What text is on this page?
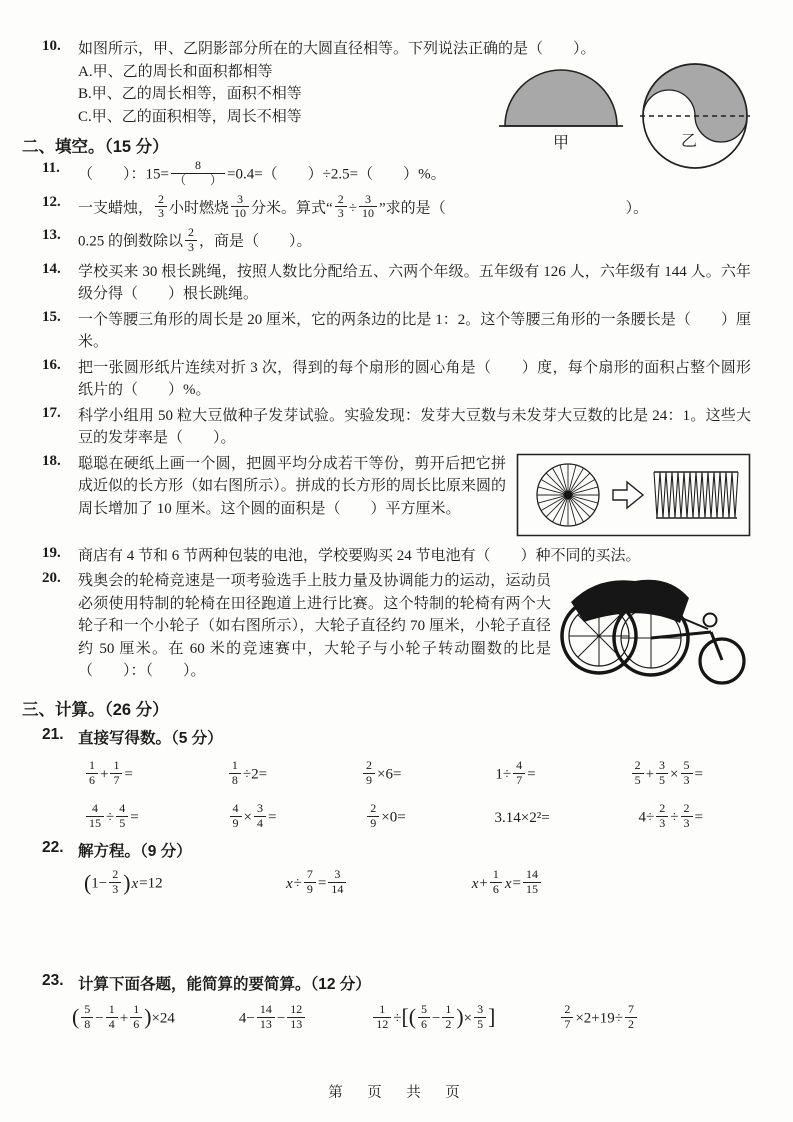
10.	如图所示，甲、乙阴影部分所在的大圆直径相等。下列说法正确的是（　　）。
A.甲、乙的周长和面积都相等
B.甲、乙的周长相等，面积不相等
C.甲、乙的面积相等，周长不相等
二、填空。（15 分）
11.	（　　）：$15= \frac{8}{( )} =0.4=$（　　）÷2.5=（　　）%。
12.	一支蜡烛， $\frac{2}{3}$ 小时燃烧 $\frac{3}{10}$ 分米。算式“ $\frac{2}{3} \div \frac{3}{10}$ ”求的是（　　　　　　　　　　　　）。
13.	0.25 的倒数除以 $\frac{2}{3}$ ，商是（　　）。
14.	学校买来 30 根长跳绳，按照人数比分配给五、六两个年级。五年级有 126 人，六年级有 144 人。六年级分得（　　）根长跳绳。
15.	一个等腰三角形的周长是 20 厘米，它的两条边的比是 1：2。这个等腰三角形的一条腰长是（　　）厘米。
16.	把一张圆形纸片连续对折 3 次，得到的每个扇形的圆心角是（　　）度，每个扇形的面积占整个圆形纸片的（　　）%。
17.	科学小组用 50 粒大豆做种子发芽试验。实验发现：发芽大豆数与未发芽大豆数的比是 24：1。这些大豆的发芽率是（　　）。
18.	聪聪在硬纸上画一个圆，把圆平均分成若干等份，剪开后把它拼成近似的长方形（如右图所示）。拼成的长方形的周长比原来圆的周长增加了 10 厘米。这个圆的面积是（　　）平方厘米。
19.	商店有 4 节和 6 节两种包装的电池，学校要购买 24 节电池有（　　）种不同的买法。
20.	残奥会的轮椅竞速是一项考验选手上肢力量及协调能力的运动，运动员必须使用特制的轮椅在田径跑道上进行比赛。这个特制的轮椅有两个大轮子和一个小轮子（如右图所示），大轮子直径约 70 厘米，小轮子直径约 50 厘米。在 60 米的竞速赛中，大轮子与小轮子转动圈数的比是（　　）：（　　）。
三、计算。（26 分）
21. 直接写得数。（5 分）
$\frac{1}{6} + \frac{1}{7}$ =	$\frac{1}{8} \div 2=$	$\frac{2}{9} \times 6=$	$1\div \frac{4}{7}$ =	$\frac{2}{5} + \frac{3}{5} \times \frac{5}{3}$ =
$\frac{4}{15} \div \frac{4}{5}$ =	$\frac{4}{9} \times \frac{3}{4}$ =	$\frac{2}{9} \times 0=$	3.14×2²=	$4\div \frac{2}{3} \div \frac{2}{3}$ =
22. 解方程。（9 分）
$(1- \frac{2}{3} )x=12$	$x\div \frac{7}{9} = \frac{3}{14}$	$x+ \frac{1}{6} x= \frac{14}{15}$
23. 计算下面各题，能简算的要简算。（12 分）
( $\frac{5}{8} - \frac{1}{4} + \frac{1}{6} )\times 24$	$4- \frac{14}{13} - \frac{12}{13}$	$\frac{1}{12}$ ÷[( $\frac{5}{6} - \frac{1}{2}$ )× $\frac{3}{5}$ ]	$\frac{2}{7} \times 2+19\div \frac{7}{2}$
甲	乙
第　页　共　页
